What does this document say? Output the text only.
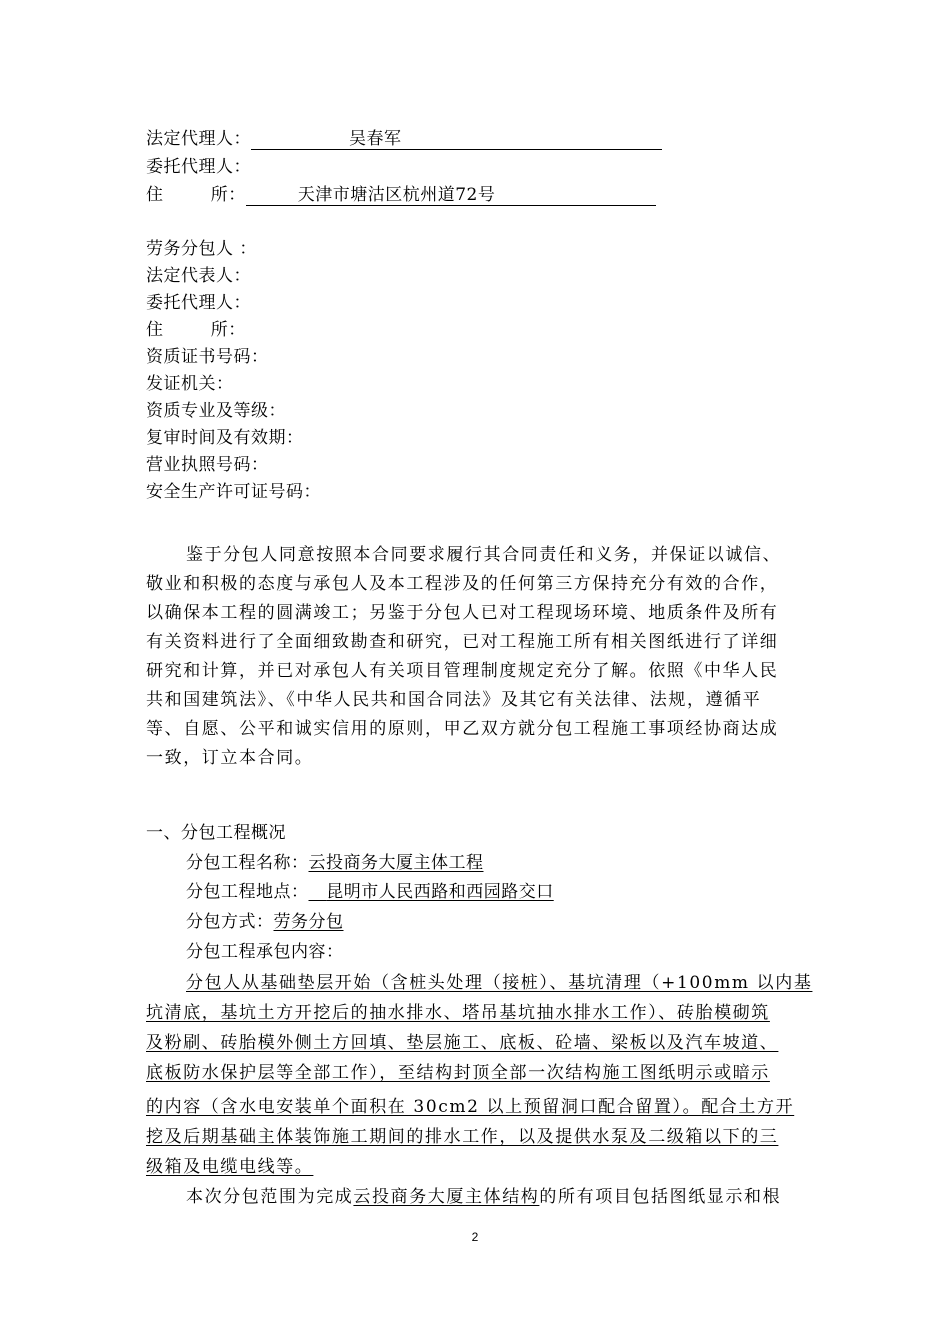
法定代理人：	吴春军
委托代理人：
住        所：	天津市塘沽区杭州道72号
劳务分包人 ：
法定代表人：
委托代理人：
住        所：
资质证书号码：
发证机关：
资质专业及等级：
复审时间及有效期：
营业执照号码：
安全生产许可证号码：
鉴于分包人同意按照本合同要求履行其合同责任和义务，并保证以诚信、
敬业和积极的态度与承包人及本工程涉及的任何第三方保持充分有效的合作，
以确保本工程的圆满竣工；另鉴于分包人已对工程现场环境、地质条件及所有
有关资料进行了全面细致勘查和研究，已对工程施工所有相关图纸进行了详细
研究和计算，并已对承包人有关项目管理制度规定充分了解。依照《中华人民
共和国建筑法》、《中华人民共和国合同法》及其它有关法律、法规，遵循平
等、自愿、公平和诚实信用的原则，甲乙双方就分包工程施工事项经协商达成
一致，订立本合同。
一、分包工程概况
分包工程名称：云投商务大厦主体工程
分包工程地点： 昆明市人民西路和西园路交口
分包方式：劳务分包
分包工程承包内容：
分包人从基础垫层开始（含桩头处理（接桩）、基坑清理（+100mm 以内基
坑清底，基坑土方开挖后的抽水排水、塔吊基坑抽水排水工作）、砖胎模砌筑
及粉刷、砖胎模外侧土方回填、垫层施工、底板、砼墙、梁板以及汽车坡道、
底板防水保护层等全部工作），至结构封顶全部一次结构施工图纸明示或暗示
的内容（含水电安装单个面积在 30cm2 以上预留洞口配合留置）。配合土方开
挖及后期基础主体装饰施工期间的排水工作，以及提供水泵及二级箱以下的三
级箱及电缆电线等。
本次分包范围为完成云投商务大厦主体结构的所有项目包括图纸显示和根
2
